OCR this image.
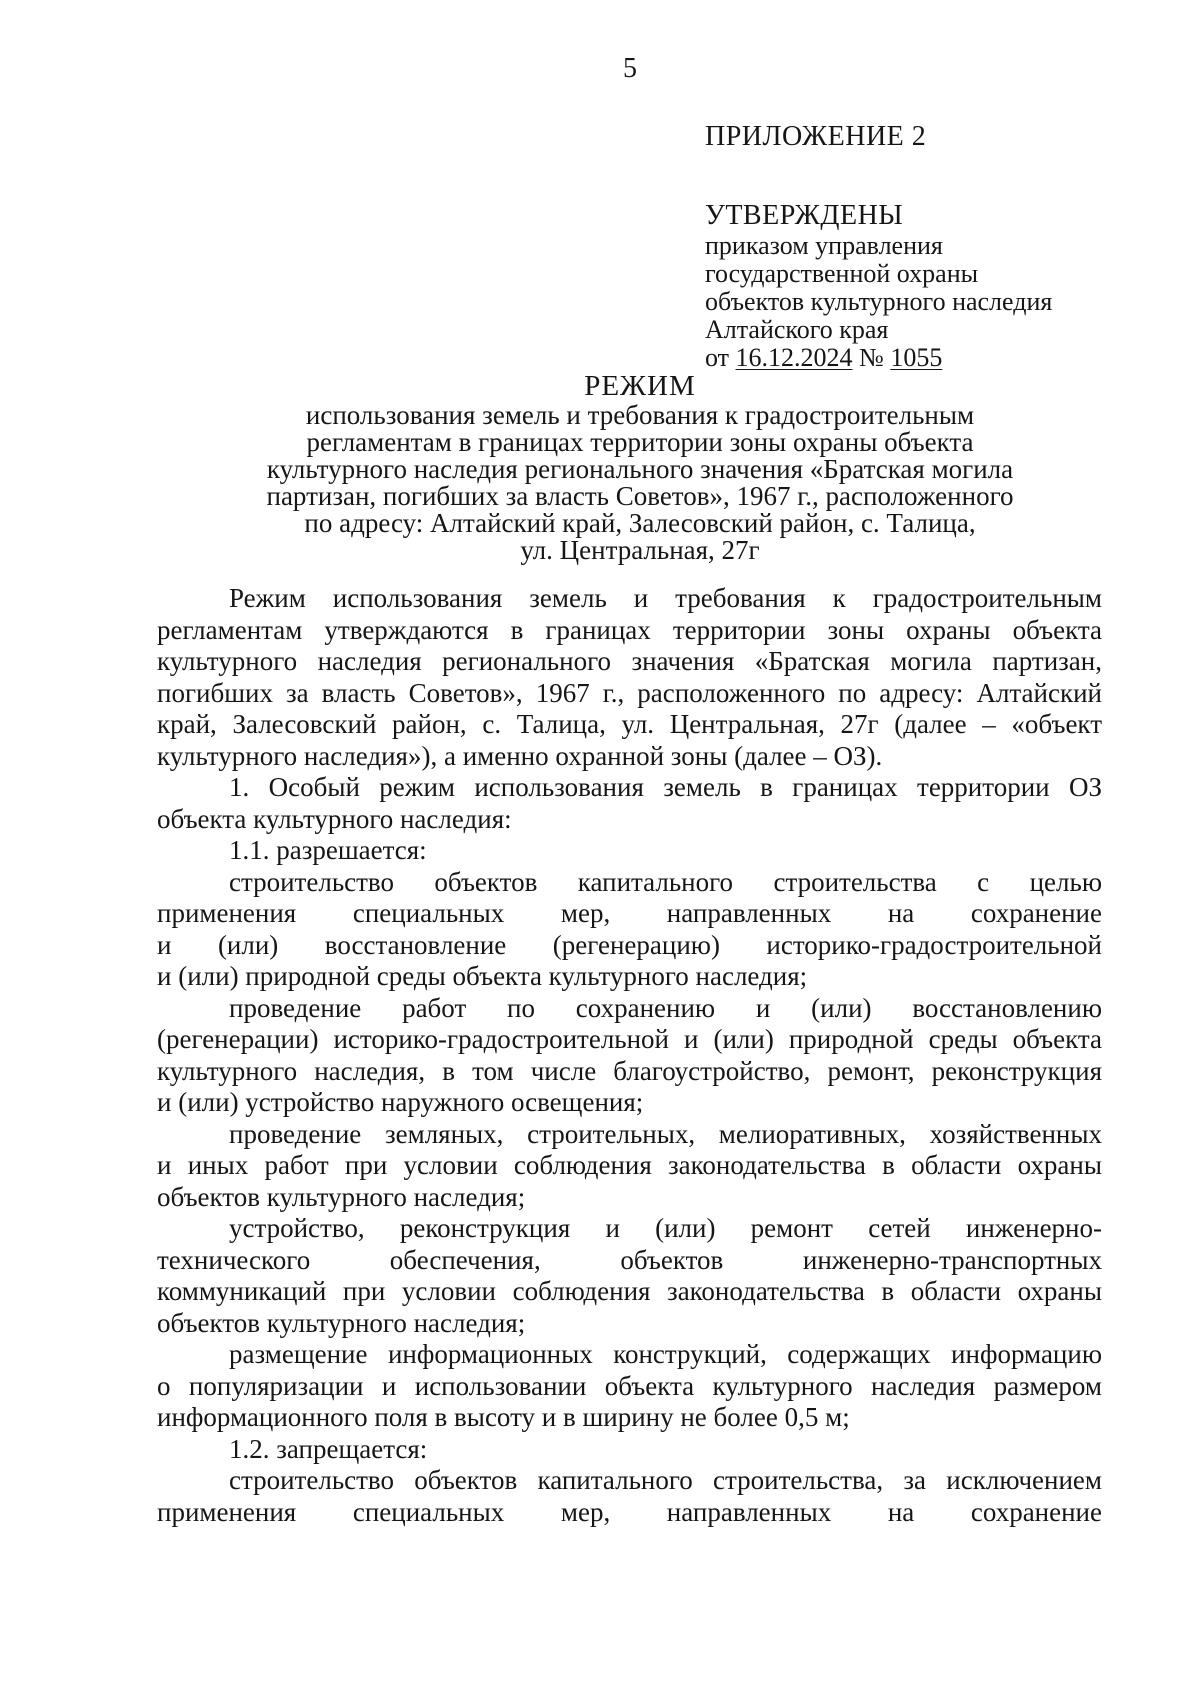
5
ПРИЛОЖЕНИЕ 2
УТВЕРЖДЕНЫ
приказом управления
государственной охраны
объектов культурного наследия
Алтайского края
от 16.12.2024 № 1055
РЕЖИМ
использования земель и требования к градостроительным
регламентам в границах территории зоны охраны объекта
культурного наследия регионального значения «Братская могила
партизан, погибших за власть Советов», 1967 г., расположенного
по адресу: Алтайский край, Залесовский район, с. Талица,
ул. Центральная, 27г
Режим использования земель и требования к градостроительным
регламентам утверждаются в границах территории зоны охраны объекта
культурного наследия регионального значения «Братская могила партизан,
погибших за власть Советов», 1967 г., расположенного по адресу: Алтайский
край, Залесовский район, с. Талица, ул. Центральная, 27г (далее – «объект
культурного наследия»), а именно охранной зоны (далее – ОЗ).
1. Особый режим использования земель в границах территории ОЗ
объекта культурного наследия:
1.1. разрешается:
строительство объектов капитального строительства с целью
применения специальных мер, направленных на сохранение
и (или) восстановление (регенерацию) историко-градостроительной
и (или) природной среды объекта культурного наследия;
проведение работ по сохранению и (или) восстановлению
(регенерации) историко-градостроительной и (или) природной среды объекта
культурного наследия, в том числе благоустройство, ремонт, реконструкция
и (или) устройство наружного освещения;
проведение земляных, строительных, мелиоративных, хозяйственных
и иных работ при условии соблюдения законодательства в области охраны
объектов культурного наследия;
устройство, реконструкция и (или) ремонт сетей инженерно-
технического обеспечения, объектов инженерно-транспортных
коммуникаций при условии соблюдения законодательства в области охраны
объектов культурного наследия;
размещение информационных конструкций, содержащих информацию
о популяризации и использовании объекта культурного наследия размером
информационного поля в высоту и в ширину не более 0,5 м;
1.2. запрещается:
строительство объектов капитального строительства, за исключением
применения специальных мер, направленных на сохранение
